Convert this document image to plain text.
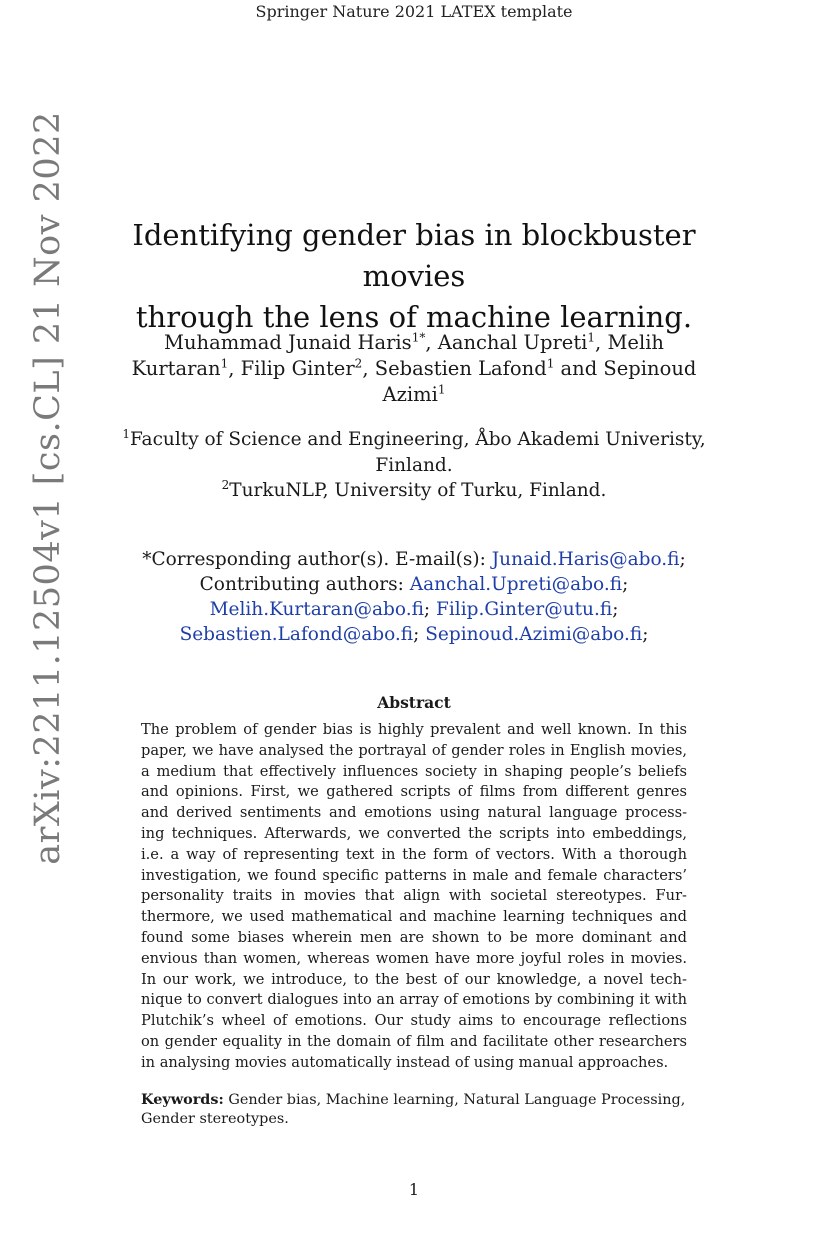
Springer Nature 2021 LATEX template
arXiv:2211.12504v1 [cs.CL] 21 Nov 2022	Identifying gender bias in blockbuster movies
through the lens of machine learning.
Muhammad Junaid Haris$^{1*}$, Aanchal Upreti$^1$, Melih Kurtaran$^1$, Filip Ginter$^2$, Sebastien Lafond$^1$ and Sepinoud Azimi$^1$
$^1$Faculty of Science and Engineering, Åbo Akademi Univeristy,
Finland.
$^2$TurkuNLP, University of Turku, Finland.
*Corresponding author(s). E-mail(s): Junaid.Haris@abo.fi;
Contributing authors: Aanchal.Upreti@abo.fi;
Melih.Kurtaran@abo.fi; Filip.Ginter@utu.fi;
Sebastien.Lafond@abo.fi; Sepinoud.Azimi@abo.fi;
Abstract
The problem of gender bias is highly prevalent and well known. In this
paper, we have analysed the portrayal of gender roles in English movies,
a medium that effectively influences society in shaping people’s beliefs
and opinions. First, we gathered scripts of films from different genres
and derived sentiments and emotions using natural language process-
ing techniques. Afterwards, we converted the scripts into embeddings,
i.e. a way of representing text in the form of vectors. With a thorough
investigation, we found specific patterns in male and female characters’
personality traits in movies that align with societal stereotypes. Fur-
thermore, we used mathematical and machine learning techniques and
found some biases wherein men are shown to be more dominant and
envious than women, whereas women have more joyful roles in movies.
In our work, we introduce, to the best of our knowledge, a novel tech-
nique to convert dialogues into an array of emotions by combining it with
Plutchik’s wheel of emotions. Our study aims to encourage reflections
on gender equality in the domain of film and facilitate other researchers
in analysing movies automatically instead of using manual approaches.
Keywords: Gender bias, Machine learning, Natural Language Processing,
Gender stereotypes.
1
